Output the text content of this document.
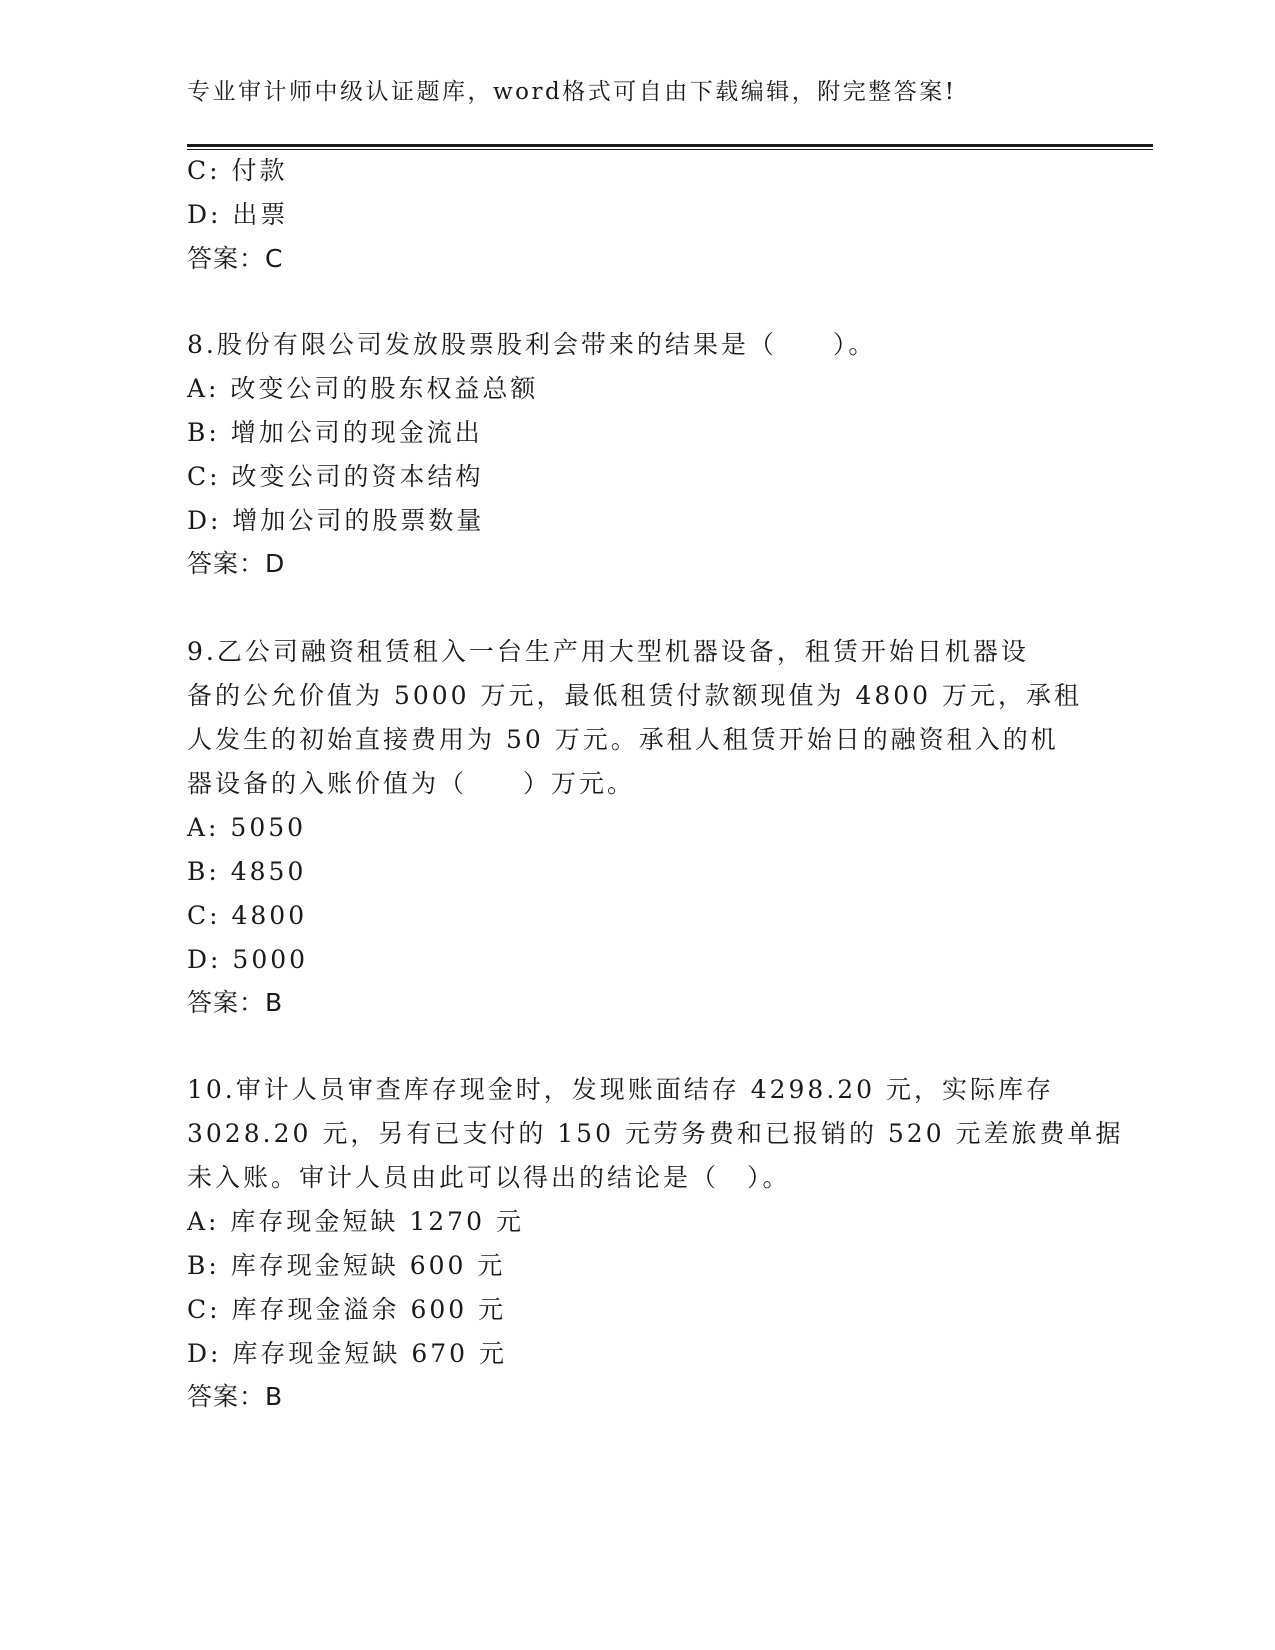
专业审计师中级认证题库，word格式可自由下载编辑，附完整答案!
C: 付款
D: 出票
答案：C
8.股份有限公司发放股票股利会带来的结果是（　　）。
A: 改变公司的股东权益总额
B: 增加公司的现金流出
C: 改变公司的资本结构
D: 增加公司的股票数量
答案：D
9.乙公司融资租赁租入一台生产用大型机器设备，租赁开始日机器设
备的公允价值为 5000 万元，最低租赁付款额现值为 4800 万元，承租
人发生的初始直接费用为 50 万元。承租人租赁开始日的融资租入的机
器设备的入账价值为（　　）万元。
A: 5050
B: 4850
C: 4800
D: 5000
答案：B
10.审计人员审查库存现金时，发现账面结存 4298.20 元，实际库存
3028.20 元，另有已支付的 150 元劳务费和已报销的 520 元差旅费单据
未入账。审计人员由此可以得出的结论是（　）。
A: 库存现金短缺 1270 元
B: 库存现金短缺 600 元
C: 库存现金溢余 600 元
D: 库存现金短缺 670 元
答案：B
